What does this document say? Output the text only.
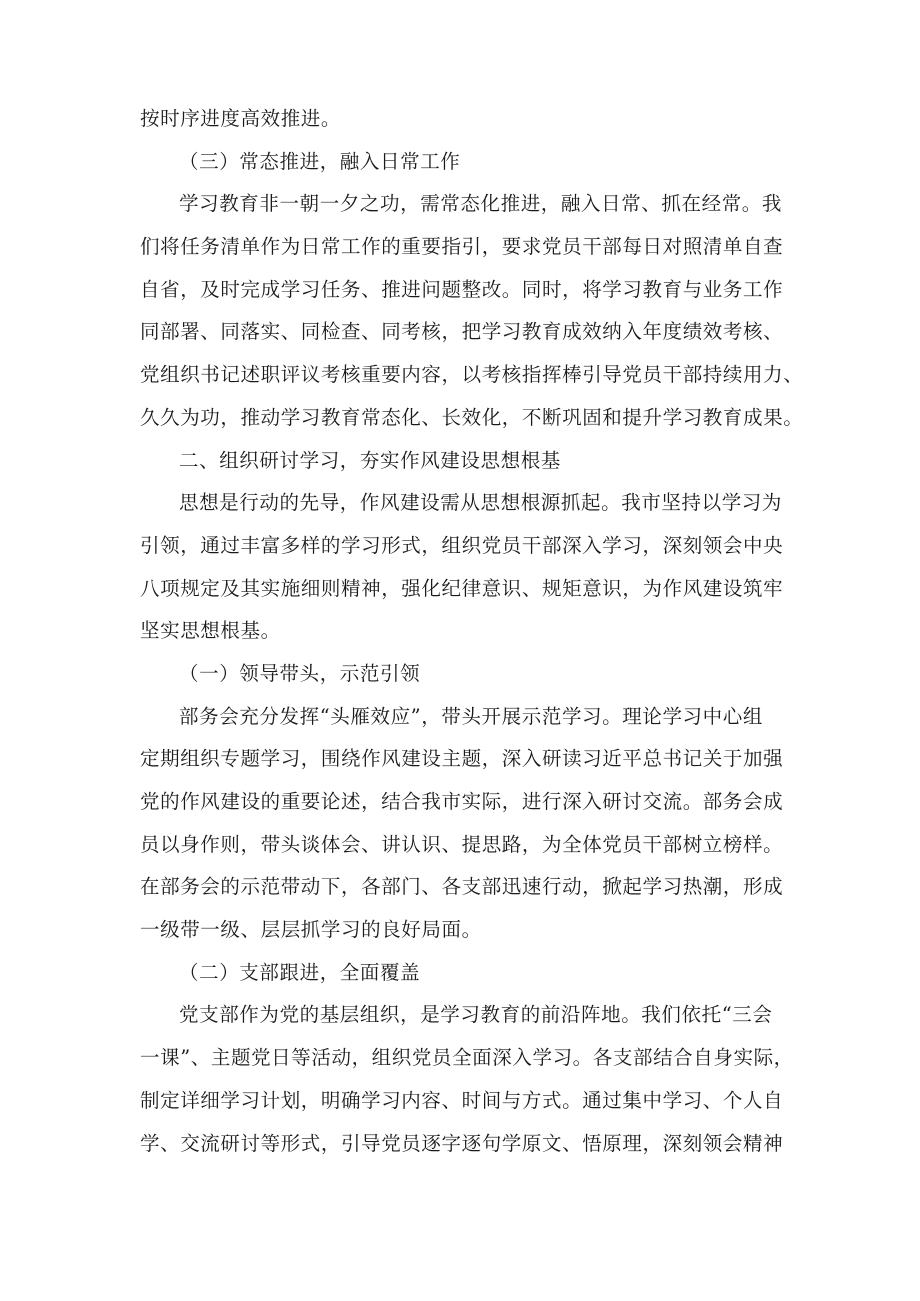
按时序进度高效推进。
（三）常态推进，融入日常工作
学习教育非一朝一夕之功，需常态化推进，融入日常、抓在经常。我
们将任务清单作为日常工作的重要指引，要求党员干部每日对照清单自查
自省，及时完成学习任务、推进问题整改。同时，将学习教育与业务工作
同部署、同落实、同检查、同考核，把学习教育成效纳入年度绩效考核、
党组织书记述职评议考核重要内容，以考核指挥棒引导党员干部持续用力、
久久为功，推动学习教育常态化、长效化，不断巩固和提升学习教育成果。
二、组织研讨学习，夯实作风建设思想根基
思想是行动的先导，作风建设需从思想根源抓起。我市坚持以学习为
引领，通过丰富多样的学习形式，组织党员干部深入学习，深刻领会中央
八项规定及其实施细则精神，强化纪律意识、规矩意识，为作风建设筑牢
坚实思想根基。
（一）领导带头，示范引领
部务会充分发挥“头雁效应”，带头开展示范学习。理论学习中心组
定期组织专题学习，围绕作风建设主题，深入研读习近平总书记关于加强
党的作风建设的重要论述，结合我市实际，进行深入研讨交流。部务会成
员以身作则，带头谈体会、讲认识、提思路，为全体党员干部树立榜样。
在部务会的示范带动下，各部门、各支部迅速行动，掀起学习热潮，形成
一级带一级、层层抓学习的良好局面。
（二）支部跟进，全面覆盖
党支部作为党的基层组织，是学习教育的前沿阵地。我们依托“三会
一课”、主题党日等活动，组织党员全面深入学习。各支部结合自身实际，
制定详细学习计划，明确学习内容、时间与方式。通过集中学习、个人自
学、交流研讨等形式，引导党员逐字逐句学原文、悟原理，深刻领会精神
